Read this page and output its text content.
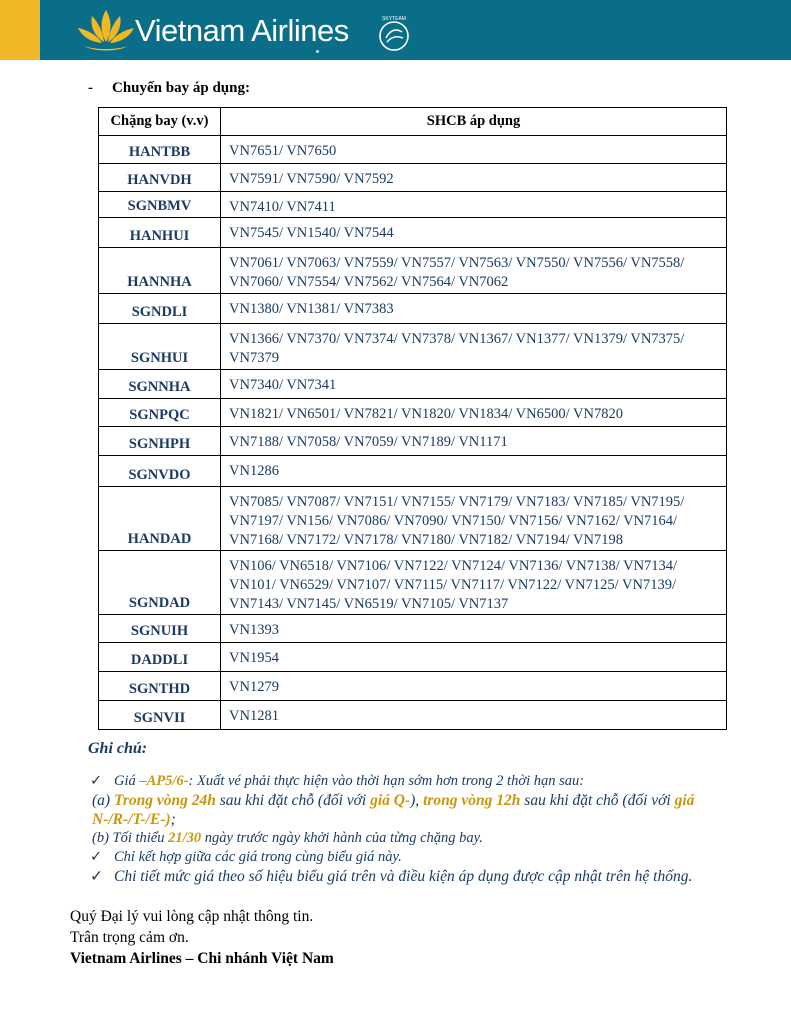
Vietnam Airlines	SKYTEAM
- Chuyến bay áp dụng:
Chặng bay (v.v)	SHCB áp dụng
HANTBB	VN7651/ VN7650
HANVDH	VN7591/ VN7590/ VN7592
SGNBMV	VN7410/ VN7411
HANHUI	VN7545/ VN1540/ VN7544
HANNHA	VN7061/ VN7063/ VN7559/ VN7557/ VN7563/ VN7550/ VN7556/ VN7558/ VN7060/ VN7554/ VN7562/ VN7564/ VN7062
SGNDLI	VN1380/ VN1381/ VN7383
SGNHUI	VN1366/ VN7370/ VN7374/ VN7378/ VN1367/ VN1377/ VN1379/ VN7375/ VN7379
SGNNHA	VN7340/ VN7341
SGNPQC	VN1821/ VN6501/ VN7821/ VN1820/ VN1834/ VN6500/ VN7820
SGNHPH	VN7188/ VN7058/ VN7059/ VN7189/ VN1171
SGNVDO	VN1286
HANDAD	VN7085/ VN7087/ VN7151/ VN7155/ VN7179/ VN7183/ VN7185/ VN7195/ VN7197/ VN156/ VN7086/ VN7090/ VN7150/ VN7156/ VN7162/ VN7164/ VN7168/ VN7172/ VN7178/ VN7180/ VN7182/ VN7194/ VN7198
SGNDAD	VN106/ VN6518/ VN7106/ VN7122/ VN7124/ VN7136/ VN7138/ VN7134/ VN101/ VN6529/ VN7107/ VN7115/ VN7117/ VN7122/ VN7125/ VN7139/ VN7143/ VN7145/ VN6519/ VN7105/ VN7137
SGNUIH	VN1393
DADDLI	VN1954
SGNTHD	VN1279
SGNVII	VN1281
Ghi chú:
✓ Giá –AP5/6-: Xuất vé phải thực hiện vào thời hạn sớm hơn trong 2 thời hạn sau:
(a) Trong vòng 24h sau khi đặt chỗ (đối với giá Q-), trong vòng 12h sau khi đặt chỗ (đối với giá N-/R-/T-/E-);
(b) Tối thiểu 21/30 ngày trước ngày khởi hành của từng chặng bay.
✓ Chỉ kết hợp giữa các giá trong cùng biểu giá này.
✓ Chi tiết mức giá theo số hiệu biểu giá trên và điều kiện áp dụng được cập nhật trên hệ thống.
Quý Đại lý vui lòng cập nhật thông tin.
Trân trọng cảm ơn.
Vietnam Airlines – Chi nhánh Việt Nam
